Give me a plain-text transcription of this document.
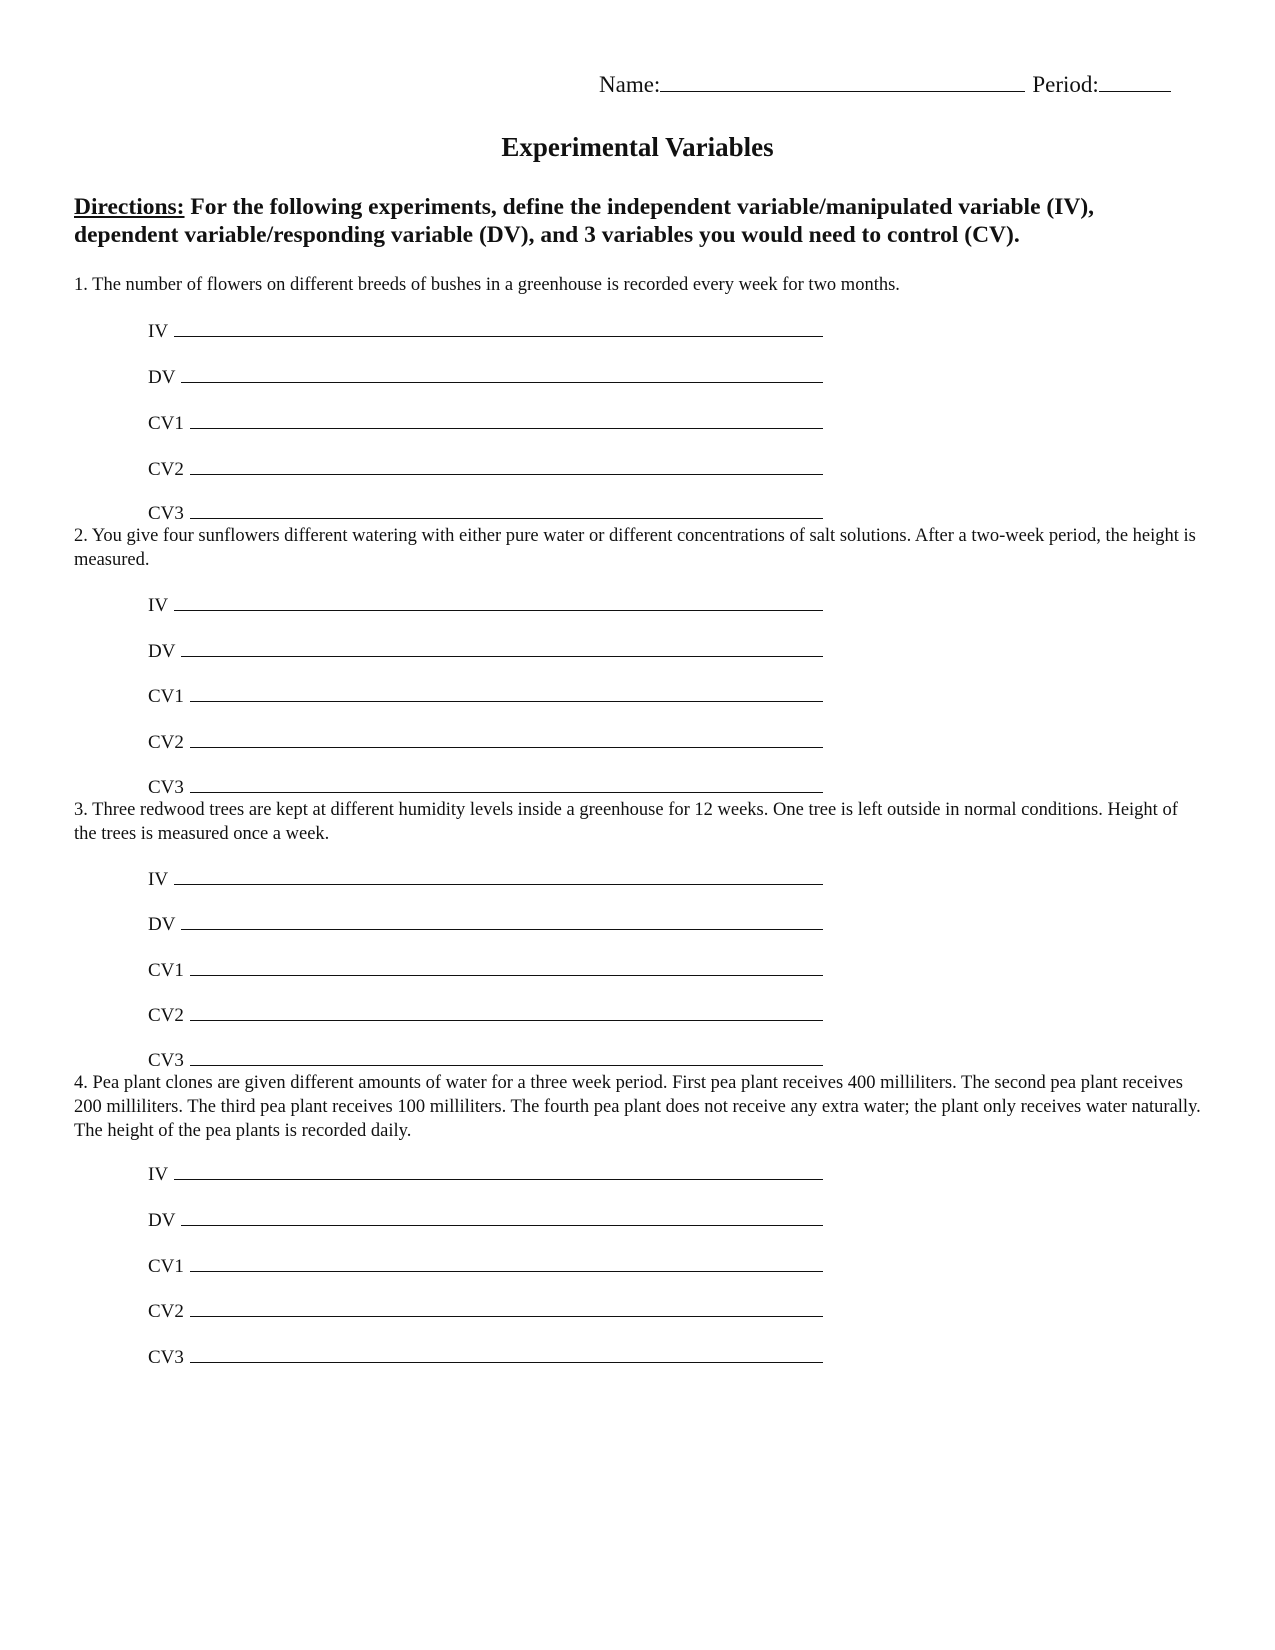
Name:	Period:
Experimental Variables
Directions: For the following experiments, define the independent variable/manipulated variable (IV), dependent variable/responding variable (DV), and 3 variables you would need to control (CV).
1. The number of flowers on different breeds of bushes in a greenhouse is recorded every week for two months.
IV
DV
CV1
CV2
CV3
2. You give four sunflowers different watering with either pure water or different concentrations of salt solutions. After a two-week period, the height is measured.
IV
DV
CV1
CV2
CV3
3. Three redwood trees are kept at different humidity levels inside a greenhouse for 12 weeks. One tree is left outside in normal conditions. Height of the trees is measured once a week.
IV
DV
CV1
CV2
CV3
4. Pea plant clones are given different amounts of water for a three week period. First pea plant receives 400 milliliters. The second pea plant receives 200 milliliters. The third pea plant receives 100 milliliters. The fourth pea plant does not receive any extra water; the plant only receives water naturally. The height of the pea plants is recorded daily.
IV
DV
CV1
CV2
CV3
